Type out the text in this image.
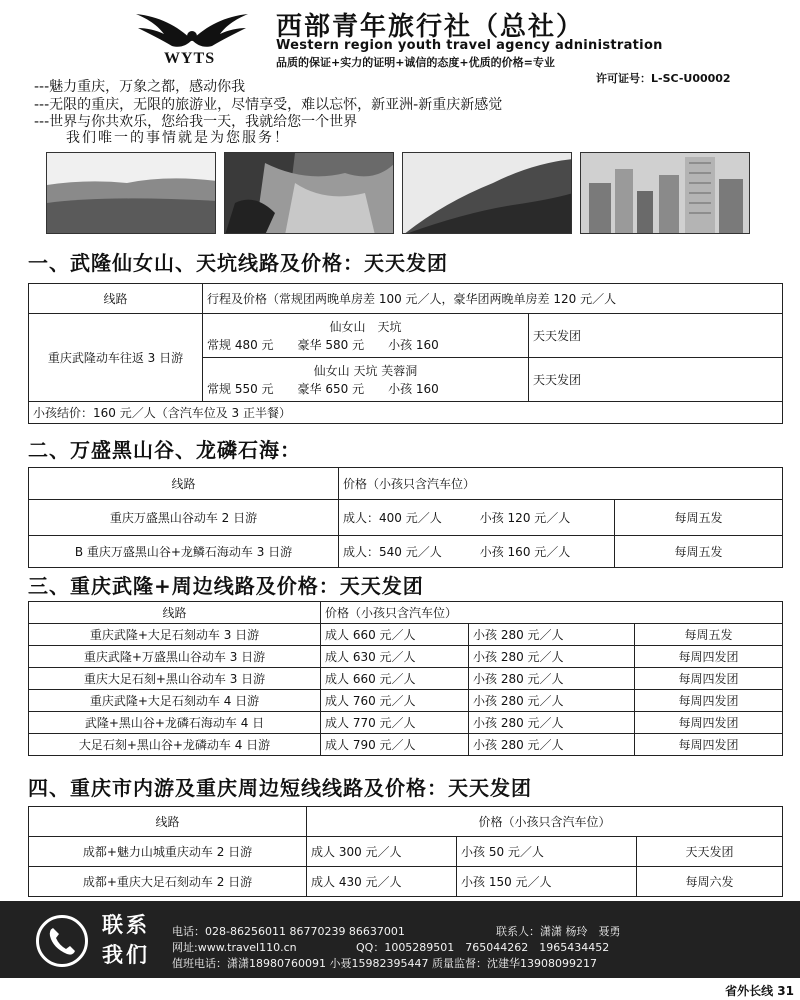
WYTS
西部青年旅行社（总社）
Western region youth travel agency adninistration
品质的保证+实力的证明+诚信的态度+优质的价格=专业
许可证号：L-SC-U00002
---魅力重庆，万象之都，感动你我
---无限的重庆，无限的旅游业，尽情享受，难以忘怀，新亚洲-新重庆新感觉
---世界与你共欢乐，您给我一天，我就给您一个世界
我们唯一的事情就是为您服务！
一、武隆仙女山、天坑线路及价格：天天发团
线路	行程及价格（常规团两晚单房差 100 元／人，豪华团两晚单房差 120 元／人	
重庆武隆动车往返 3 日游	仙女山　天坑
常规 480 元　　豪华 580 元　　小孩 160	天天发团

	仙女山 天坑 芙蓉洞
常规 550 元　　豪华 650 元　　小孩 160	天天发团
小孩结价：160 元／人（含汽车位及 3 正半餐）		
二、万盛黑山谷、龙磷石海：
线路	价格（小孩只含汽车位）	
重庆万盛黑山谷动车 2 日游	成人：400 元／人 小孩 120 元／人	每周五发
B 重庆万盛黑山谷+龙鳞石海动车 3 日游	成人：540 元／人 小孩 160 元／人	每周五发
三、重庆武隆+周边线路及价格：天天发团
线路	价格（小孩只含汽车位）		
重庆武隆+大足石刻动车 3 日游	成人 660 元／人	小孩 280 元／人	每周五发
重庆武隆+万盛黑山谷动车 3 日游	成人 630 元／人	小孩 280 元／人	每周四发团
重庆大足石刻+黑山谷动车 3 日游	成人 660 元／人	小孩 280 元／人	每周四发团
重庆武隆+大足石刻动车 4 日游	成人 760 元／人	小孩 280 元／人	每周四发团
武隆+黑山谷+龙磷石海动车 4 日	成人 770 元／人	小孩 280 元／人	每周四发团
大足石刻+黑山谷+龙磷动车 4 日游	成人 790 元／人	小孩 280 元／人	每周四发团
四、重庆市内游及重庆周边短线线路及价格：天天发团
线路	价格（小孩只含汽车位）		
成都+魅力山城重庆动车 2 日游	成人 300 元／人	小孩 50 元／人	天天发团
成都+重庆大足石刻动车 2 日游	成人 430 元／人	小孩 150 元／人	每周六发
联系
我们
电话：028-86256011 86770239 86637001	联系人：潇潇 杨玲　聂勇
网址:www.travel110.cn	QQ：1005289501　765044262　1965434452
值班电话：潇潇18980760091 小聂15982395447 质量监督：沈建华13908099217
省外长线 31
